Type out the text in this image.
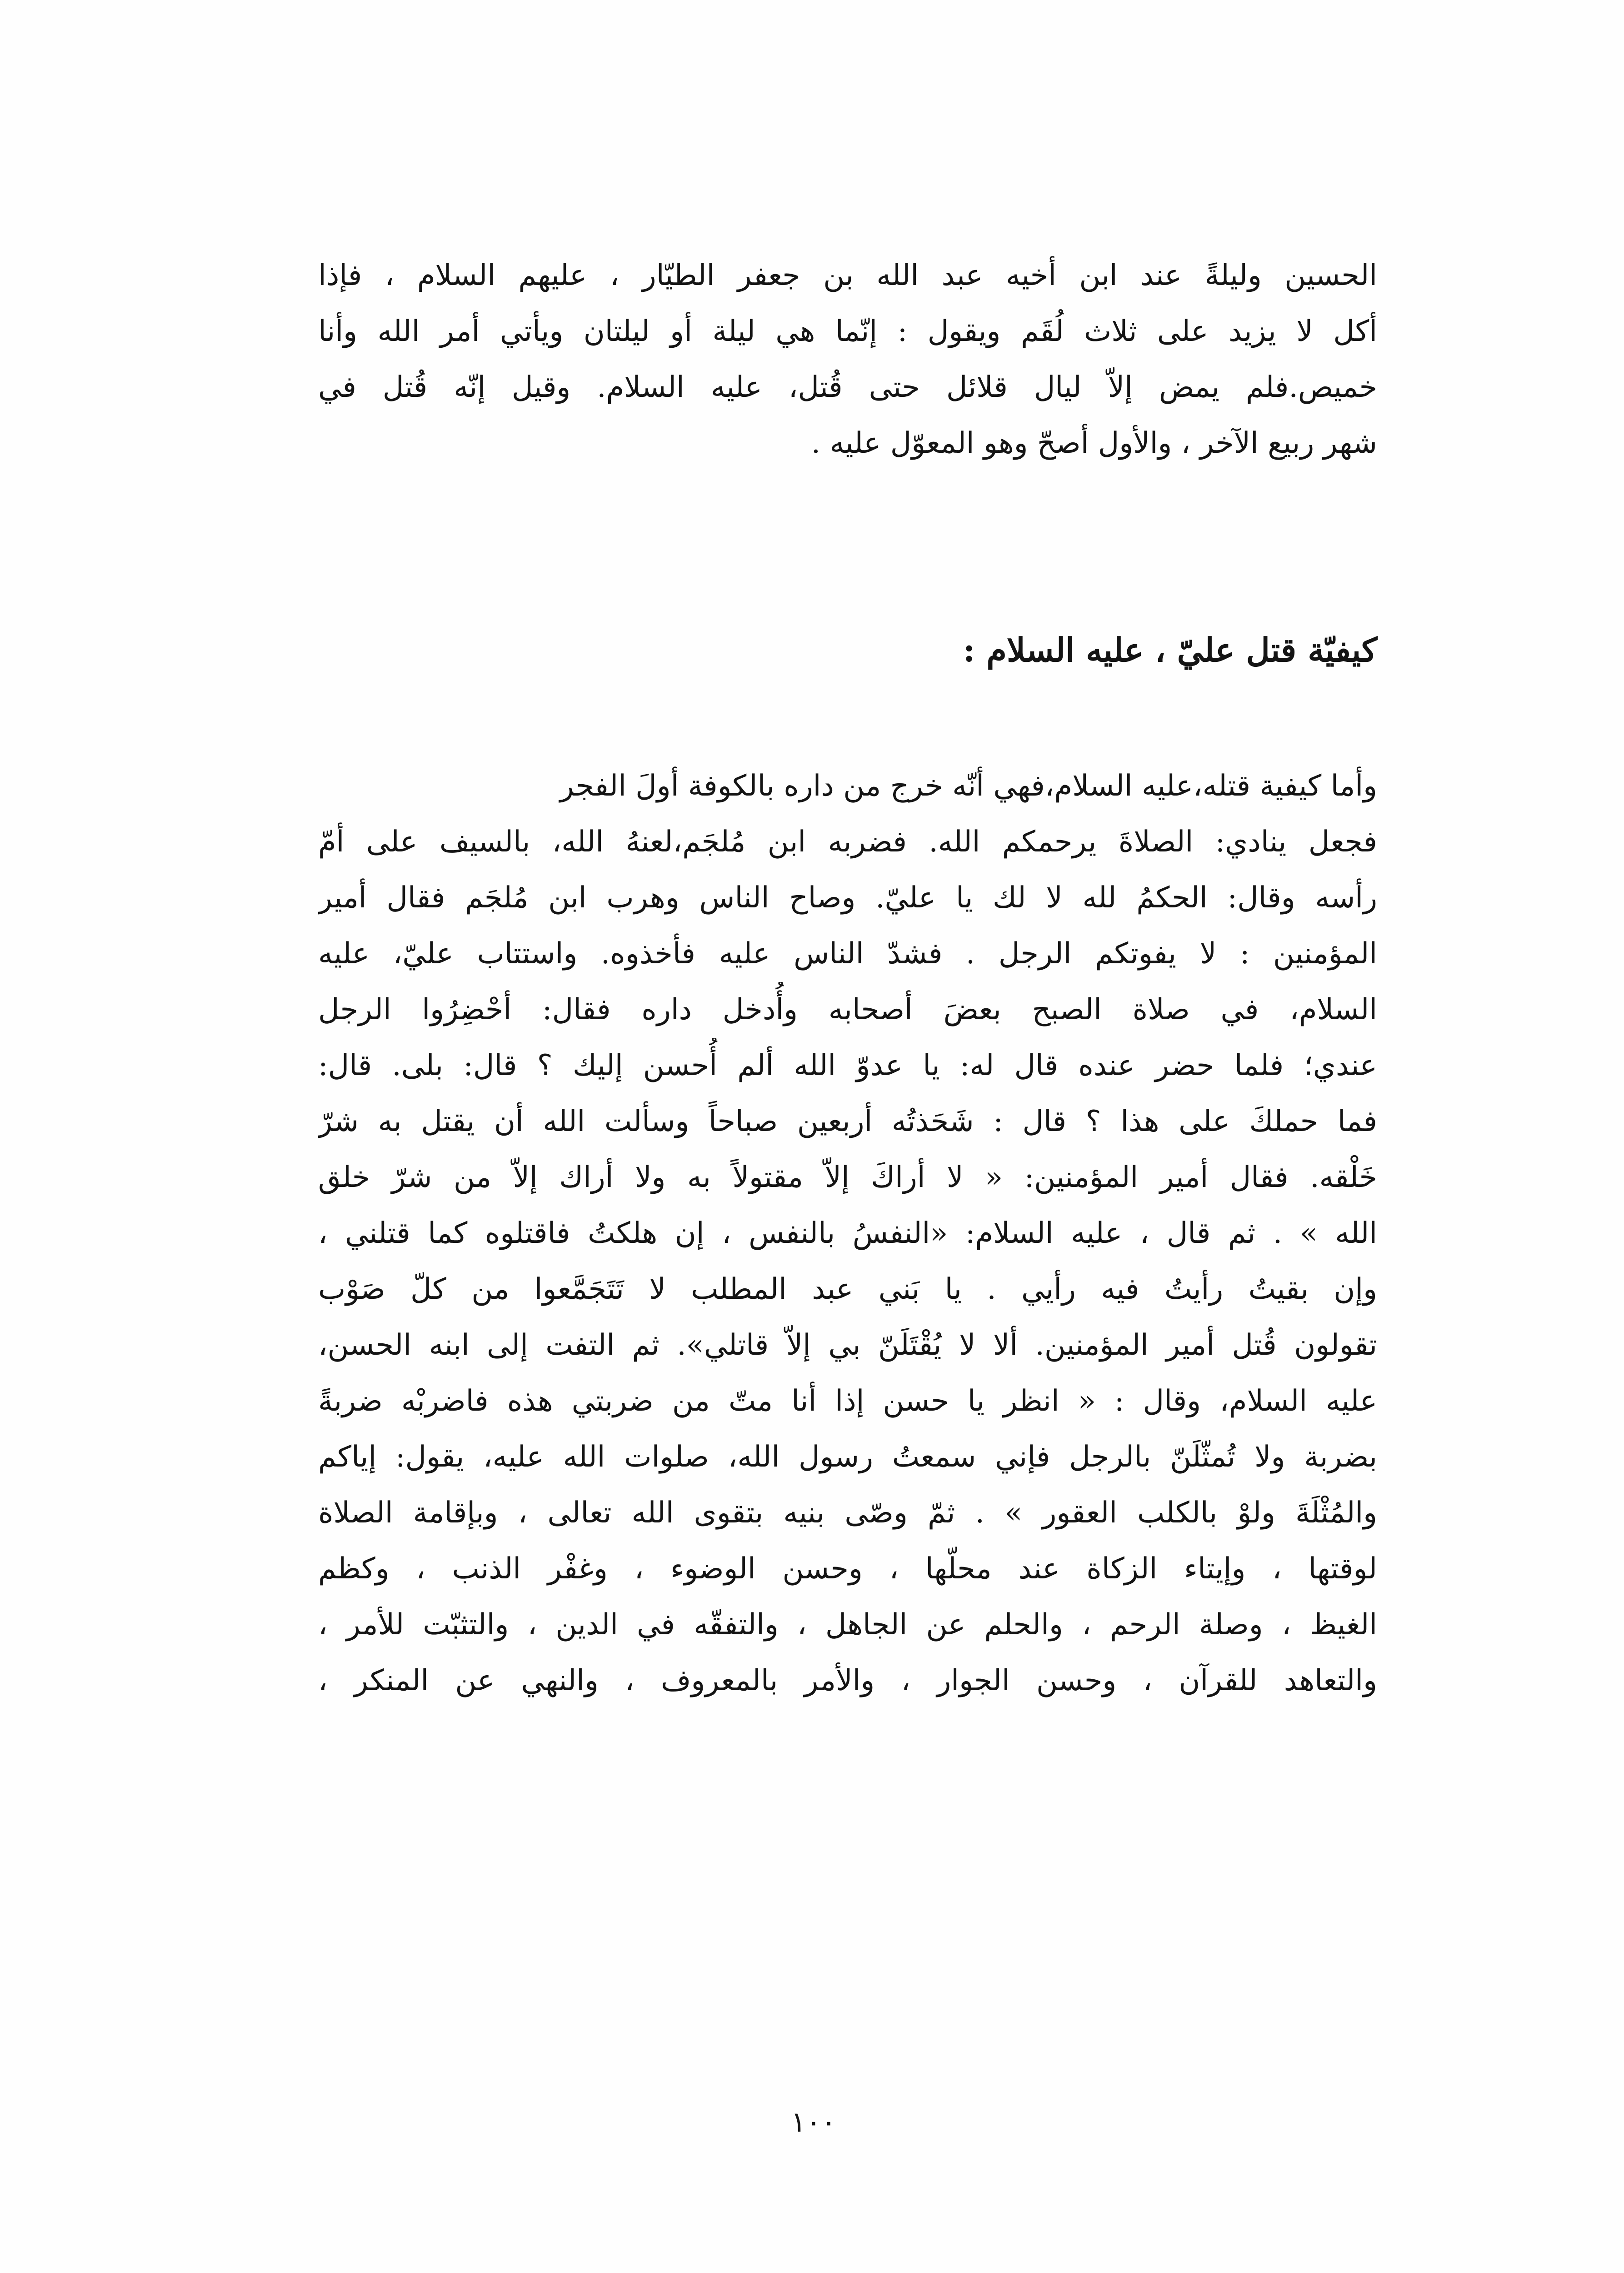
الحسين وليلةً عند ابن أخيه عبد الله بن جعفر الطيّار ، عليهم السلام ، فإذا
أكل لا يزيد على ثلاث لُقَم ويقول : إنّما هي ليلة أو ليلتان ويأتي أمر الله وأنا
خميص.فلم يمض إلاّ ليال قلائل حتى قُتل، عليه السلام. وقيل إنّه قُتل في
شهر ربيع الآخر ، والأول أصحّ وهو المعوّل عليه .
كيفيّة قتل عليّ ، عليه السلام :
وأما كيفية قتله،عليه السلام،فهي أنّه خرج من داره بالكوفة أولَ الفجر
فجعل ينادي: الصلاةَ يرحمكم الله. فضربه ابن مُلجَم،لعنهُ الله، بالسيف على أمّ
رأسه وقال: الحكمُ لله لا لك يا عليّ. وصاح الناس وهرب ابن مُلجَم فقال أمير
المؤمنين : لا يفوتكم الرجل . فشدّ الناس عليه فأخذوه. واستتاب عليّ، عليه
السلام، في صلاة الصبح بعضَ أصحابه وأُدخل داره فقال: أحْضِرُوا الرجل
عندي؛ فلما حضر عنده قال له: يا عدوّ الله ألم أُحسن إليك ؟ قال: بلى. قال:
فما حملكَ على هذا ؟ قال : شَحَذتُه أربعين صباحاً وسألت الله أن يقتل به شرّ
خَلْقه. فقال أمير المؤمنين: « لا أراكَ إلاّ مقتولاً به ولا أراك إلاّ من شرّ خلق
الله » . ثم قال ، عليه السلام: «النفسُ بالنفس ، إن هلكتُ فاقتلوه كما قتلني ،
وإن بقيتُ رأيتُ فيه رأيي . يا بَني عبد المطلب لا تَتَجَمَّعوا من كلّ صَوْب
تقولون قُتل أمير المؤمنين. ألا لا يُقْتَلَنّ بي إلاّ قاتلي». ثم التفت إلى ابنه الحسن،
عليه السلام، وقال : « انظر يا حسن إذا أنا متّ من ضربتي هذه فاضربْه ضربةً
بضربة ولا تُمثّلَنّ بالرجل فإني سمعتُ رسول الله، صلوات الله عليه، يقول: إياكم
والمُثْلَةَ ولوْ بالكلب العقور » . ثمّ وصّى بنيه بتقوى الله تعالى ، وبإقامة الصلاة
لوقتها ، وإيتاء الزكاة عند محلّها ، وحسن الوضوء ، وغفْر الذنب ، وكظم
الغيظ ، وصلة الرحم ، والحلم عن الجاهل ، والتفقّه في الدين ، والتثبّت للأمر ،
والتعاهد للقرآن ، وحسن الجوار ، والأمر بالمعروف ، والنهي عن المنكر ،
١٠٠
